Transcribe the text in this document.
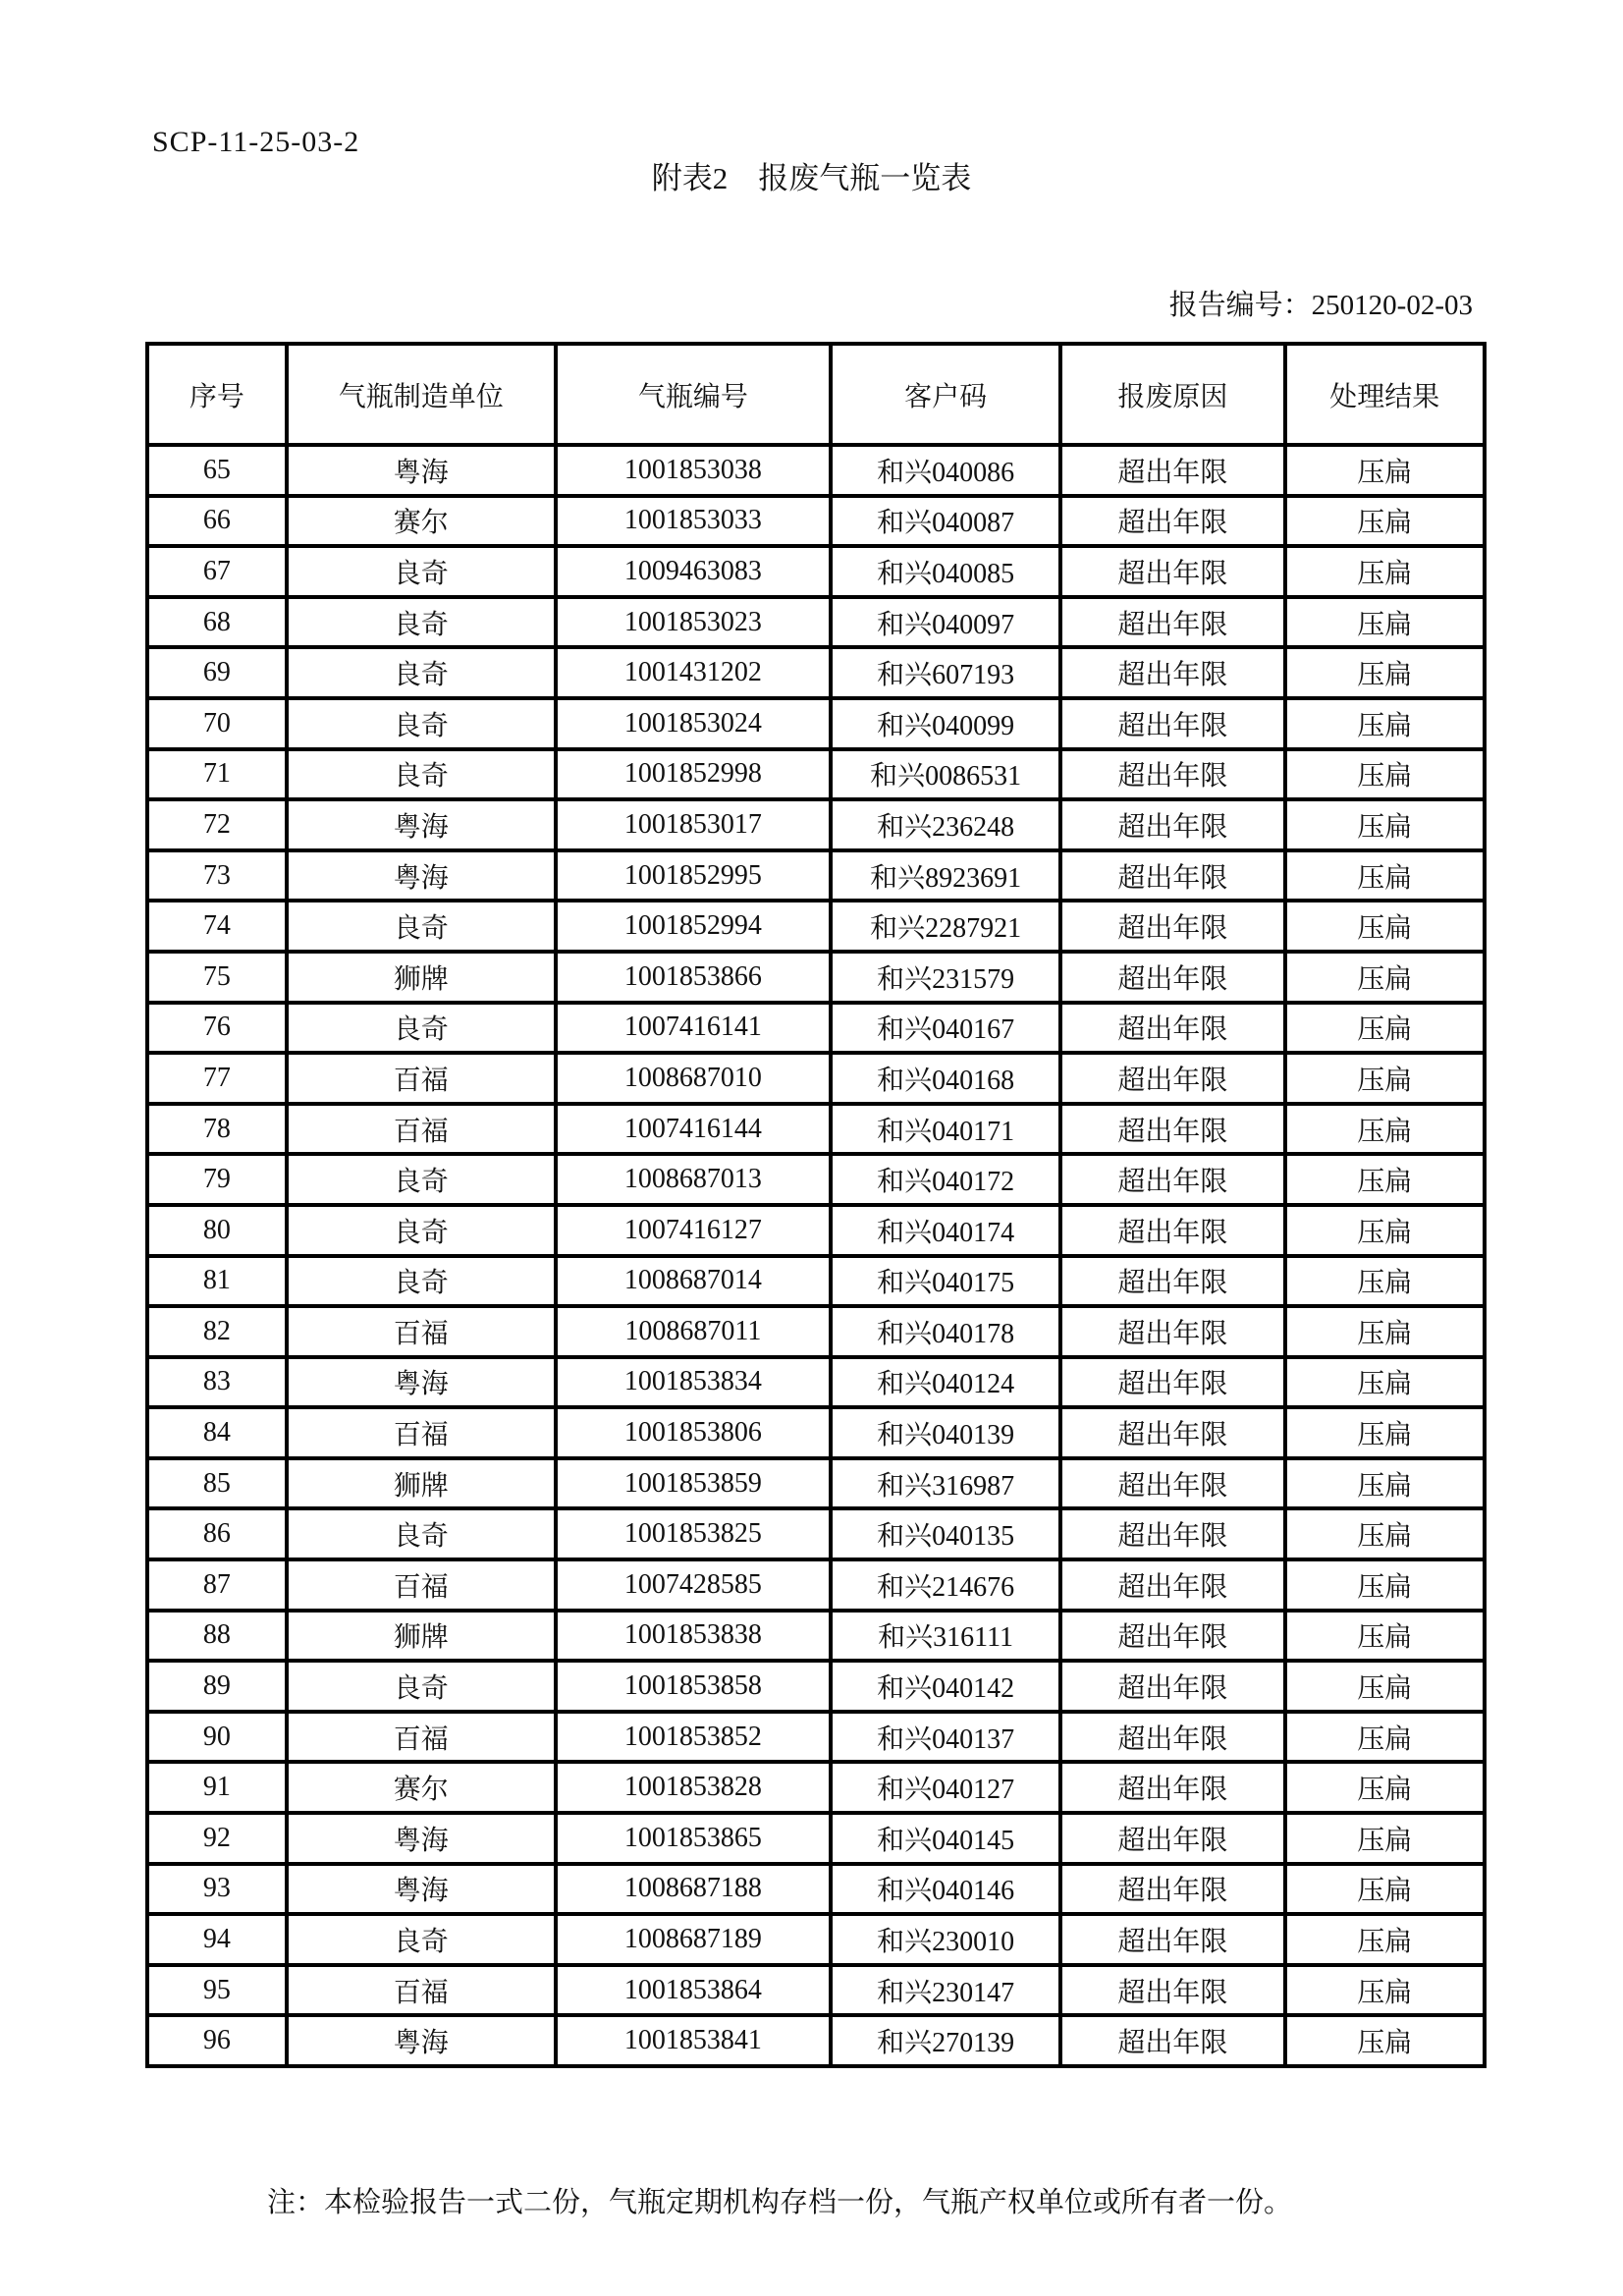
SCP-11-25-03-2
附表2　报废气瓶一览表
报告编号：250120-02-03
序号	气瓶制造单位	气瓶编号	客户码	报废原因	处理结果
65	粤海	1001853038	和兴040086	超出年限	压扁
66	赛尔	1001853033	和兴040087	超出年限	压扁
67	良奇	1009463083	和兴040085	超出年限	压扁
68	良奇	1001853023	和兴040097	超出年限	压扁
69	良奇	1001431202	和兴607193	超出年限	压扁
70	良奇	1001853024	和兴040099	超出年限	压扁
71	良奇	1001852998	和兴0086531	超出年限	压扁
72	粤海	1001853017	和兴236248	超出年限	压扁
73	粤海	1001852995	和兴8923691	超出年限	压扁
74	良奇	1001852994	和兴2287921	超出年限	压扁
75	狮牌	1001853866	和兴231579	超出年限	压扁
76	良奇	1007416141	和兴040167	超出年限	压扁
77	百福	1008687010	和兴040168	超出年限	压扁
78	百福	1007416144	和兴040171	超出年限	压扁
79	良奇	1008687013	和兴040172	超出年限	压扁
80	良奇	1007416127	和兴040174	超出年限	压扁
81	良奇	1008687014	和兴040175	超出年限	压扁
82	百福	1008687011	和兴040178	超出年限	压扁
83	粤海	1001853834	和兴040124	超出年限	压扁
84	百福	1001853806	和兴040139	超出年限	压扁
85	狮牌	1001853859	和兴316987	超出年限	压扁
86	良奇	1001853825	和兴040135	超出年限	压扁
87	百福	1007428585	和兴214676	超出年限	压扁
88	狮牌	1001853838	和兴316111	超出年限	压扁
89	良奇	1001853858	和兴040142	超出年限	压扁
90	百福	1001853852	和兴040137	超出年限	压扁
91	赛尔	1001853828	和兴040127	超出年限	压扁
92	粤海	1001853865	和兴040145	超出年限	压扁
93	粤海	1008687188	和兴040146	超出年限	压扁
94	良奇	1008687189	和兴230010	超出年限	压扁
95	百福	1001853864	和兴230147	超出年限	压扁
96	粤海	1001853841	和兴270139	超出年限	压扁
注：本检验报告一式二份，气瓶定期机构存档一份，气瓶产权单位或所有者一份。
